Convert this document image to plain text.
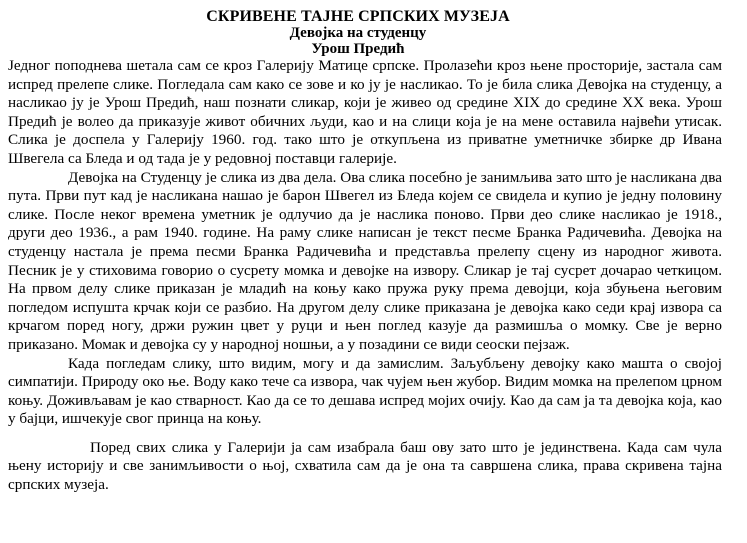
СКРИВЕНЕ ТАЈНЕ СРПСКИХ МУЗЕЈА
Девојка на студенцу
Урош Предић

Једног поподнева шетала сам се кроз Галерију Матице српске. Пролазећи кроз њене просторије, застала сам испред прелепе слике. Погледала сам како се зове и ко ју је насликао. То је била слика Девојка на студенцу, а насликао ју је Урош Предић, наш познати сликар, који је живео од средине XIX до средине XX века. Урош Предић је волео да приказује живот обичних људи, као и на слици која је на мене оставила највећи утисак. Слика је доспела у Галерију 1960. год. тако што је откупљена из приватне уметничке збирке др Ивана Швегела са Бледа и од тада је у редовној поставци галерије.

Девојка на Студенцу је слика из два дела. Ова слика посебно је занимљива зато што је насликана два пута. Први пут кад је насликана нашао је барон Швегел из Бледа којем се свидела и купио је једну половину слике. После неког времена уметник је одлучио да је наслика поново. Први део слике насликао је 1918., други део 1936., а рам 1940. године. На раму слике написан је текст песме Бранка Радичевића. Девојка на студенцу настала је према песми Бранка Радичевића и представља прелепу сцену из народног живота. Песник је у стиховима говорио о сусрету момка и девојке на извору. Сликар је тај сусрет дочарао четкицом. На првом делу слике приказан је младић на коњу како пружа руку према девојци, која збуњена његовим погледом испушта крчак који се разбио. На другом делу слике приказана је девојка како седи крај извора са крчагом поред ногу, држи ружин цвет у руци и њен поглед казује да размишља о момку. Све је верно приказано. Момак и девојка су у народној ношњи, а у позадини се види сеоски пејзаж.

Када погледам слику, што видим, могу и да замислим. Заљубљену девојку како машта о својој симпатији. Природу око ње. Воду како тече са извора, чак чујем њен жубор. Видим момка на прелепом црном коњу. Доживљавам је као стварност. Као да се то дешава испред мојих очију. Као да сам ја та девојка која, као у бајци, ишчекује свог принца на коњу.

Поред свих слика у Галерији ја сам изабрала баш ову зато што је јединствена. Када сам чула њену историју и све занимљивости о њој, схватила сам да је она та савршена слика, права скривена тајна српских музеја.
